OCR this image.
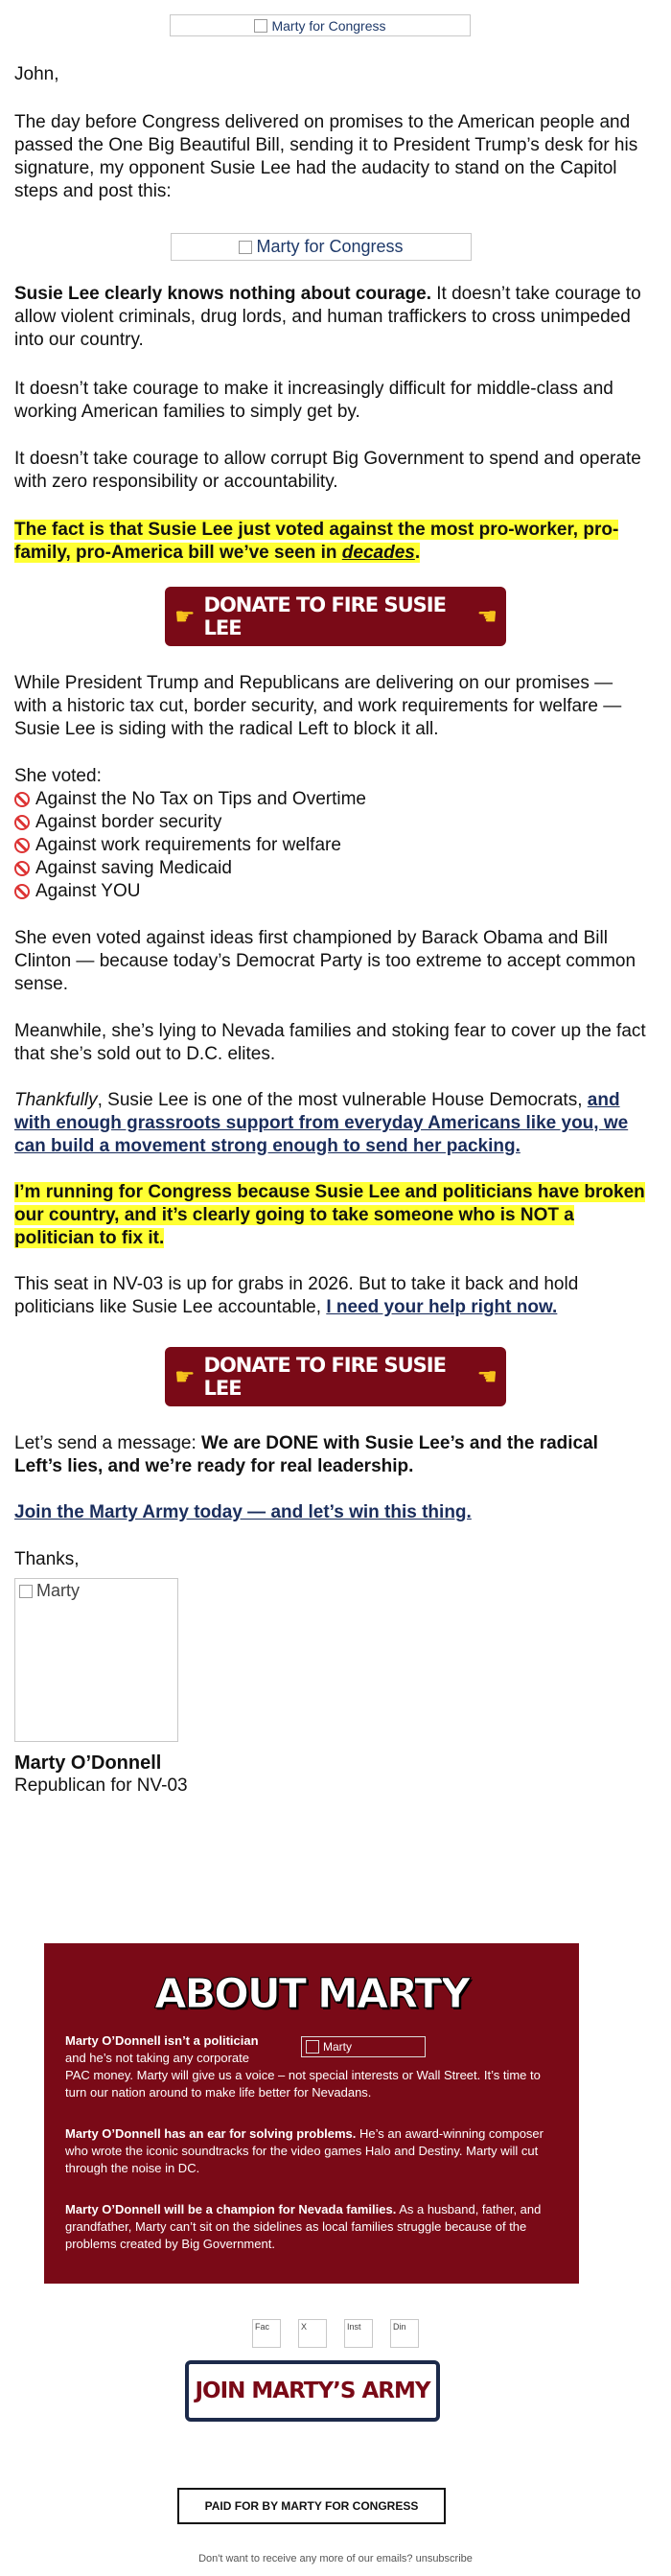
Marty for Congress

John,

The day before Congress delivered on promises to the American people and passed the One Big Beautiful Bill, sending it to President Trump’s desk for his signature, my opponent Susie Lee had the audacity to stand on the Capitol steps and post this:

Marty for Congress

Susie Lee clearly knows nothing about courage. It doesn’t take courage to allow violent criminals, drug lords, and human traffickers to cross unimpeded into our country.

It doesn’t take courage to make it increasingly difficult for middle-class and working American families to simply get by.

It doesn’t take courage to allow corrupt Big Government to spend and operate with zero responsibility or accountability.

The fact is that Susie Lee just voted against the most pro-worker, pro-family, pro-America bill we’ve seen in decades.

☛ DONATE TO FIRE SUSIE LEE	☚

While President Trump and Republicans are delivering on our promises — with a historic tax cut, border security, and work requirements for welfare — Susie Lee is siding with the radical Left to block it all.

She voted:

Against the No Tax on Tips and Overtime
Against border security
Against work requirements for welfare
Against saving Medicaid
Against YOU

She even voted against ideas first championed by Barack Obama and Bill Clinton — because today’s Democrat Party is too extreme to accept common sense.

Meanwhile, she’s lying to Nevada families and stoking fear to cover up the fact that she’s sold out to D.C. elites.

Thankfully, Susie Lee is one of the most vulnerable House Democrats, and with enough grassroots support from everyday Americans like you, we can build a movement strong enough to send her packing.

I’m running for Congress because Susie Lee and politicians have broken our country, and it’s clearly going to take someone who is NOT a politician to fix it.

This seat in NV-03 is up for grabs in 2026. But to take it back and hold politicians like Susie Lee accountable, I need your help right now.

☛ DONATE TO FIRE SUSIE LEE	☚

Let’s send a message: We are DONE with Susie Lee’s and the radical Left’s lies, and we’re ready for real leadership.

Join the Marty Army today — and let’s win this thing.

Thanks,

Marty

Marty O’Donnell

Republican for NV-03

ABOUT MARTY
Marty

Marty O’Donnell isn’t a politician
and he’s not taking any corporate
PAC money. Marty will give us a voice – not special interests or Wall Street. It’s time to turn our nation around to make life better for Nevadans.

Marty O’Donnell has an ear for solving problems. He’s an award-winning composer who wrote the iconic soundtracks for the video games Halo and Destiny. Marty will cut through the noise in DC.

Marty O’Donnell will be a champion for Nevada families. As a husband, father, and grandfather, Marty can’t sit on the sidelines as local families struggle because of the problems created by Big Government.

Fac	X	Inst	Din
JOIN MARTY’S ARMY
PAID FOR BY MARTY FOR CONGRESS
Don't want to receive any more of our emails? unsubscribe
